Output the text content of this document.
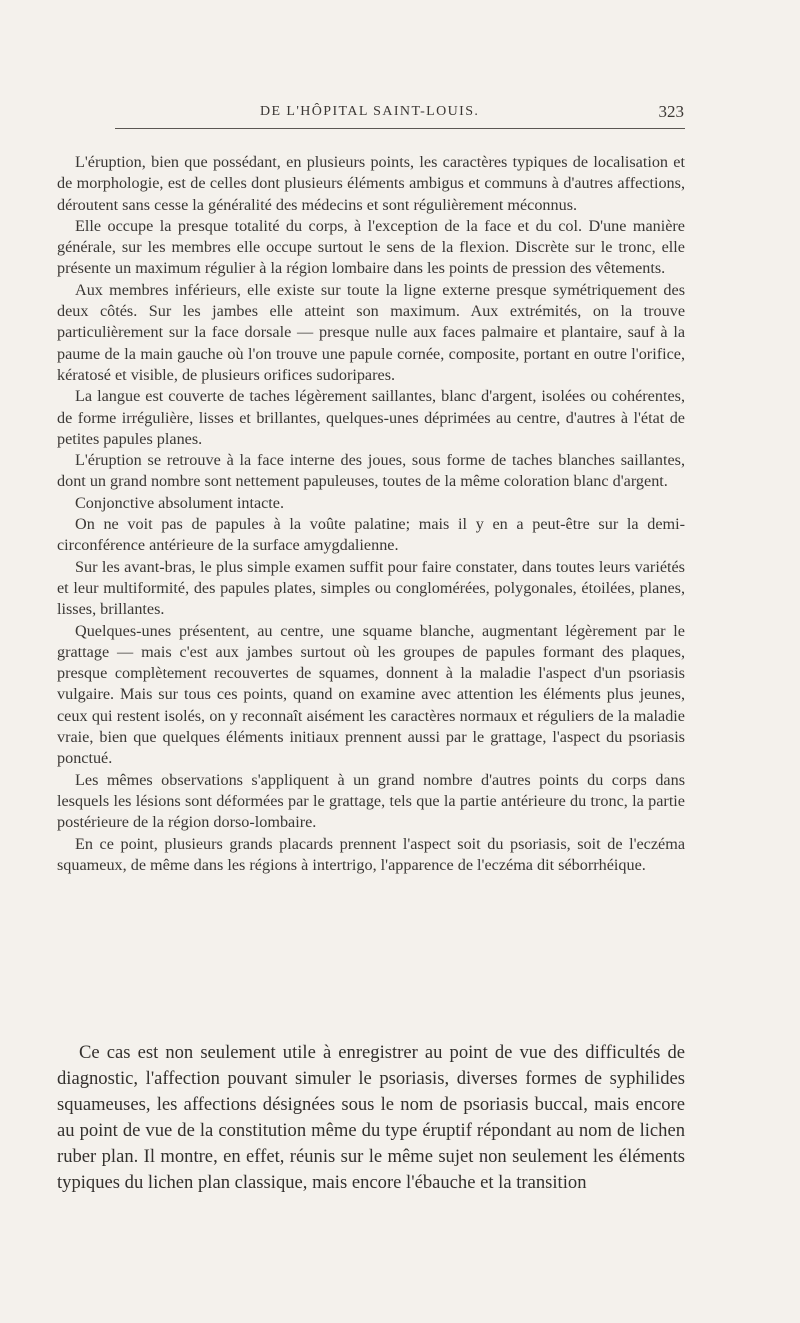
DE L'HÔPITAL SAINT-LOUIS.	323

L'éruption, bien que possédant, en plusieurs points, les caractères typiques de localisation et de morphologie, est de celles dont plusieurs éléments ambigus et communs à d'autres affections, déroutent sans cesse la généralité des médecins et sont régulièrement méconnus.

Elle occupe la presque totalité du corps, à l'exception de la face et du col. D'une manière générale, sur les membres elle occupe surtout le sens de la flexion. Discrète sur le tronc, elle présente un maximum régulier à la région lombaire dans les points de pression des vêtements.

Aux membres inférieurs, elle existe sur toute la ligne externe presque symétriquement des deux côtés. Sur les jambes elle atteint son maximum. Aux extrémités, on la trouve particulièrement sur la face dorsale — presque nulle aux faces palmaire et plantaire, sauf à la paume de la main gauche où l'on trouve une papule cornée, composite, portant en outre l'orifice, kératosé et visible, de plusieurs orifices sudoripares.

La langue est couverte de taches légèrement saillantes, blanc d'argent, isolées ou cohérentes, de forme irrégulière, lisses et brillantes, quelques-unes déprimées au centre, d'autres à l'état de petites papules planes.

L'éruption se retrouve à la face interne des joues, sous forme de taches blanches saillantes, dont un grand nombre sont nettement papuleuses, toutes de la même coloration blanc d'argent.

Conjonctive absolument intacte.

On ne voit pas de papules à la voûte palatine; mais il y en a peut-être sur la demi-circonférence antérieure de la surface amygdalienne.

Sur les avant-bras, le plus simple examen suffit pour faire constater, dans toutes leurs variétés et leur multiformité, des papules plates, simples ou conglomérées, polygonales, étoilées, planes, lisses, brillantes.

Quelques-unes présentent, au centre, une squame blanche, augmentant légèrement par le grattage — mais c'est aux jambes surtout où les groupes de papules formant des plaques, presque complètement recouvertes de squames, donnent à la maladie l'aspect d'un psoriasis vulgaire. Mais sur tous ces points, quand on examine avec attention les éléments plus jeunes, ceux qui restent isolés, on y reconnaît aisément les caractères normaux et réguliers de la maladie vraie, bien que quelques éléments initiaux prennent aussi par le grattage, l'aspect du psoriasis ponctué.

Les mêmes observations s'appliquent à un grand nombre d'autres points du corps dans lesquels les lésions sont déformées par le grattage, tels que la partie antérieure du tronc, la partie postérieure de la région dorso-lombaire.

En ce point, plusieurs grands placards prennent l'aspect soit du psoriasis, soit de l'eczéma squameux, de même dans les régions à intertrigo, l'apparence de l'eczéma dit séborrhéique.

Ce cas est non seulement utile à enregistrer au point de vue des difficultés de diagnostic, l'affection pouvant simuler le psoriasis, diverses formes de syphilides squameuses, les affections désignées sous le nom de psoriasis buccal, mais encore au point de vue de la constitution même du type éruptif répondant au nom de lichen ruber plan. Il montre, en effet, réunis sur le même sujet non seulement les éléments typiques du lichen plan classique, mais encore l'ébauche et la transition
